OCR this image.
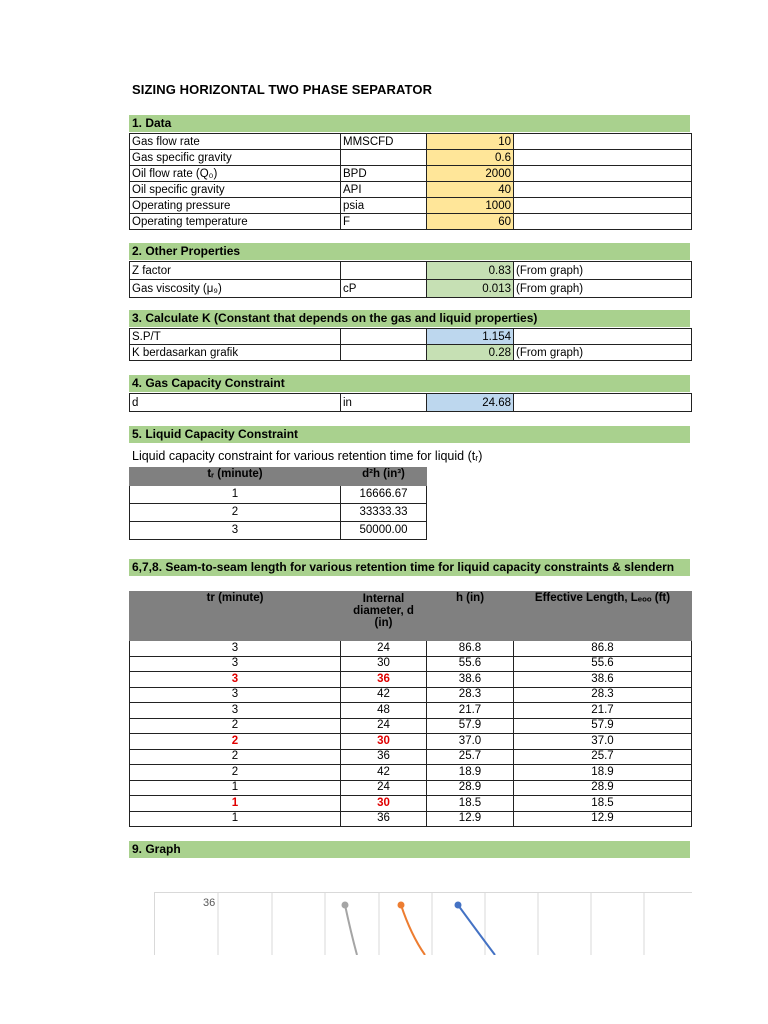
SIZING HORIZONTAL TWO PHASE SEPARATOR
1. Data
Gas flow rate	MMSCFD	10	
Gas specific gravity		0.6	
Oil flow rate (Q₀)	BPD	2000	
Oil specific gravity	API	40	
Operating pressure	psia	1000	
Operating temperature	F	60	
2. Other Properties
Z factor		0.83	(From graph)
Gas viscosity (μ₉)	cP	0.013	(From graph)
3. Calculate K (Constant that depends on the gas and liquid properties)
S.P/T		1.154	
K berdasarkan grafik		0.28	(From graph)
4. Gas Capacity Constraint
d	in	24.68	
5. Liquid Capacity Constraint
Liquid capacity constraint for various retention time for liquid (tᵣ)
tᵣ (minute)	d²h (in³)
1	16666.67
2	33333.33
3	50000.00
6,7,8. Seam-to-seam length for various retention time for liquid capacity constraints & slendern
tr (minute)	Internal
diameter, d
(in)	h (in)	Effective Length, Lₑₒₒ (ft)
3	24	86.8	86.8
3	30	55.6	55.6
3	36	38.6	38.6
3	42	28.3	28.3
3	48	21.7	21.7
2	24	57.9	57.9
2	30	37.0	37.0
2	36	25.7	25.7
2	42	18.9	18.9
1	24	28.9	28.9
1	30	18.5	18.5
1	36	12.9	12.9
9. Graph
36
